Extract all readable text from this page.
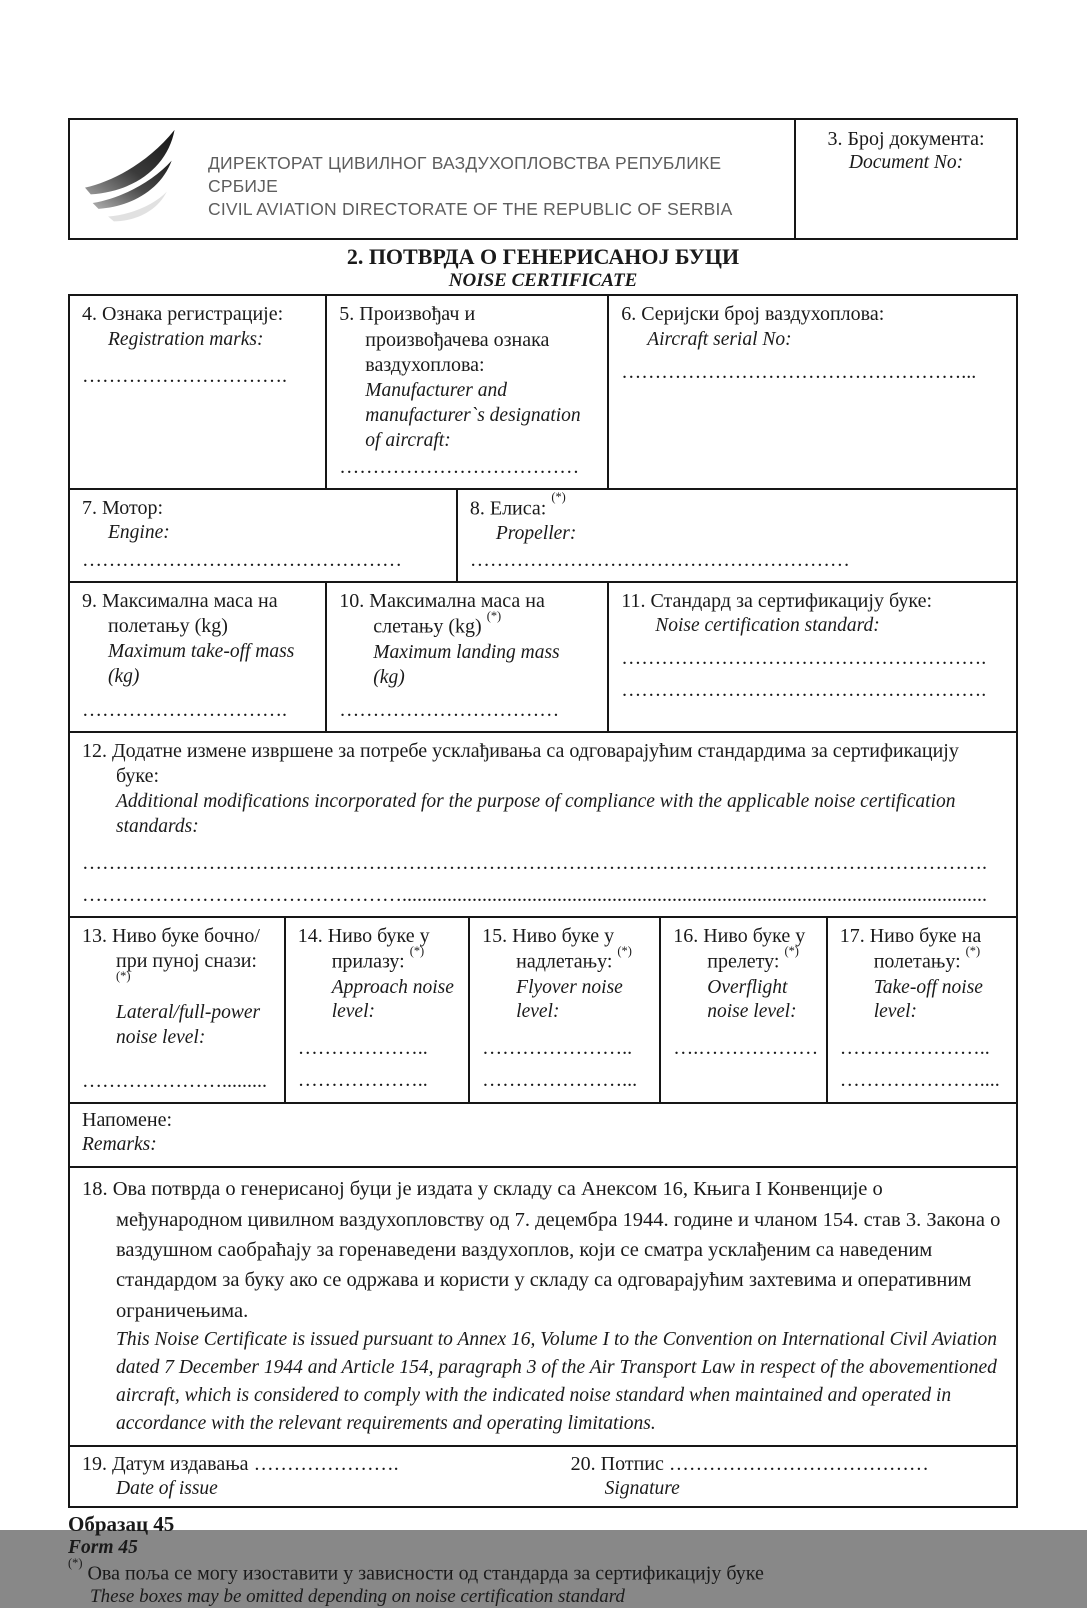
ДИРЕКТОРАТ ЦИВИЛНОГ ВАЗДУХОПЛОВСТВА РЕПУБЛИКЕ СРБИЈЕ
CIVIL AVIATION DIRECTORATE OF THE REPUBLIC OF SERBIA
3. Број документа:
Document No:
2. ПОТВРДА О ГЕНЕРИСАНОЈ БУЦИ
NOISE CERTIFICATE
4. Ознака регистрације:
Registration marks:
………………………….
5. Произвођач и произвођачева ознака ваздухоплова:
Manufacturer and manufacturer`s designation of aircraft:
………………………………
6. Серијски број ваздухоплова:
Aircraft serial No:
……………………………………………...
7. Мотор:
Engine:
…………………………………………
8. Елиса: (*)
Propeller:
…………………………………………………
9. Максимална маса на полетању (kg)
Maximum take-off mass (kg)
………………………….
10. Максимална маса на слетању (kg) (*)
Maximum landing mass (kg)
……………………………
11. Стандард за сертификацију буке:
Noise certification standard:
……………………………………………….
……………………………………………….
12. Додатне измене извршене за потребе усклађивања са одговарајућим стандардима за сертификацију буке:
Additional modifications incorporated for the purpose of compliance with the applicable noise certification standards:
……………………………………………………………………………………………………………………….
………………………………………….....................................................................................................................
13. Ниво буке бочно/при пуној снази: (*)
Lateral/full-power noise level:
………………….........
14. Ниво буке у прилазу: (*)
Approach noise level:
………………..
………………..
15. Ниво буке у надлетању: (*)
Flyover noise level:
…………………..
…………………...
16. Ниво буке у прелету: (*)
Overflight noise level:
….………………
17. Ниво буке на полетању: (*)
Take-off noise level:
…………………..
…………………....
Напомене:
Remarks:
18. Ова потврда о генерисаној буци је издата у складу са Анексом 16, Књига I Конвенције о међународном цивилном ваздухопловству од 7. децембра 1944. године и чланом 154. став 3. Закона о ваздушном саобраћају за горенаведени ваздухоплов, који се сматра усклађеним са наведеним стандардом за буку ако се одржава и користи у складу са одговарајућим захтевима и оперативним ограничењима.
This Noise Certificate is issued pursuant to Annex 16, Volume I to the Convention on International Civil Aviation dated 7 December 1944 and Article 154, paragraph 3 of the Air Transport Law in respect of the abovementioned aircraft, which is considered to comply with the indicated noise standard when maintained and operated in accordance with the relevant requirements and operating limitations.
19. Датум издавања ………………….
Date of issue
20. Потпис …………………………………
Signature
Образац 45
Form 45
(*) Ова поља се могу изоставити у зависности од стандарда за сертификацију буке
These boxes may be omitted depending on noise certification standard
